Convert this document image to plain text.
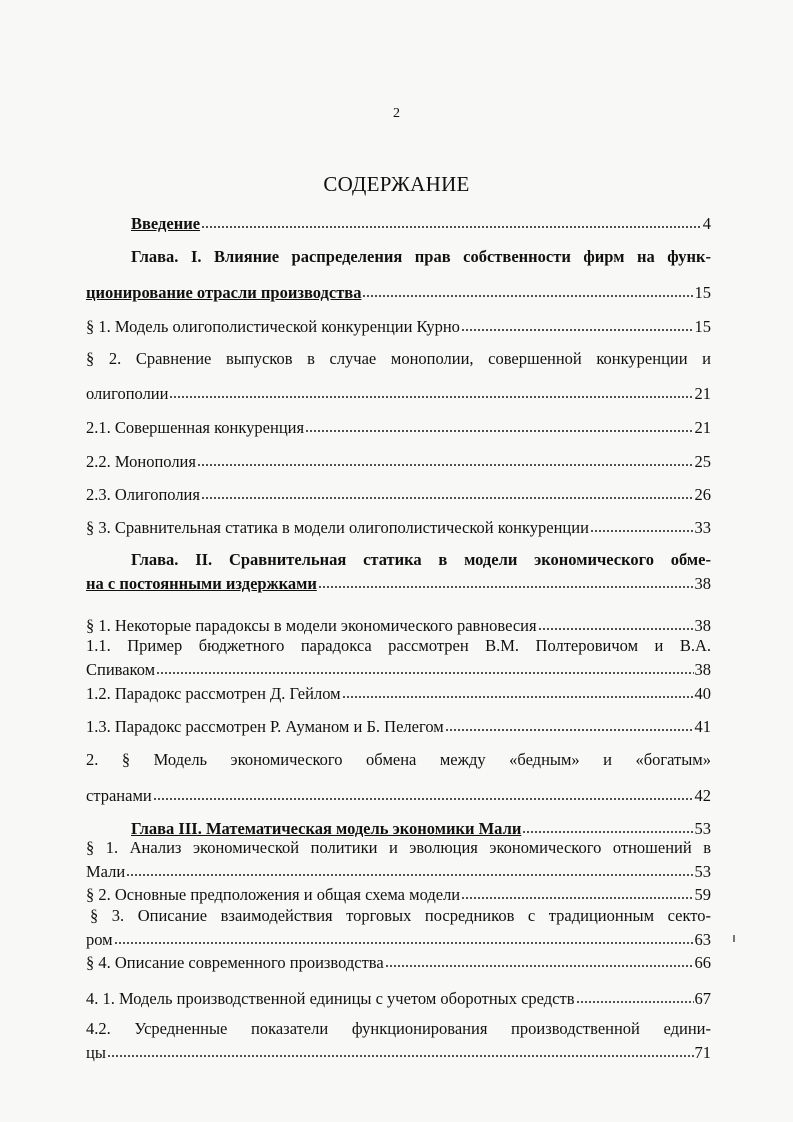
2
СОДЕРЖАНИЕ
Введение	4
Глава. I. Влияние распределения прав собственности фирм на функ-
ционирование отрасли производства	15
§ 1. Модель олигополистической конкуренции Курно	15
§ 2. Сравнение выпусков в случае монополии, совершенной конкуренции и
олигополии	21
2.1. Совершенная конкуренция	21
2.2. Монополия	25
2.3. Олигополия	26
§ 3. Сравнительная статика в модели олигополистической конкуренции	33
Глава. II. Сравнительная статика в модели экономического обме-
на с постоянными издержками	38
§ 1. Некоторые парадоксы в модели экономического равновесия	38
1.1. Пример бюджетного парадокса рассмотрен В.М. Полтеровичом и В.А.
Спиваком	38
1.2. Парадокс рассмотрен Д. Гейлом	40
1.3. Парадокс рассмотрен Р. Ауманом и Б. Пелегом	41
2. § Модель экономического обмена между «бедным» и «богатым»
странами	42
Глава III. Математическая модель экономики Мали	53
§ 1. Анализ экономической политики и эволюция экономического отношений в
Мали	53
§ 2. Основные предположения и общая схема модели	59
§ 3. Описание взаимодействия торговых посредников с традиционным секто-
ром	63
§ 4. Описание современного производства	66
4. 1. Модель производственной единицы с учетом оборотных средств	67
4.2. Усредненные показатели функционирования производственной едини-
цы	71
